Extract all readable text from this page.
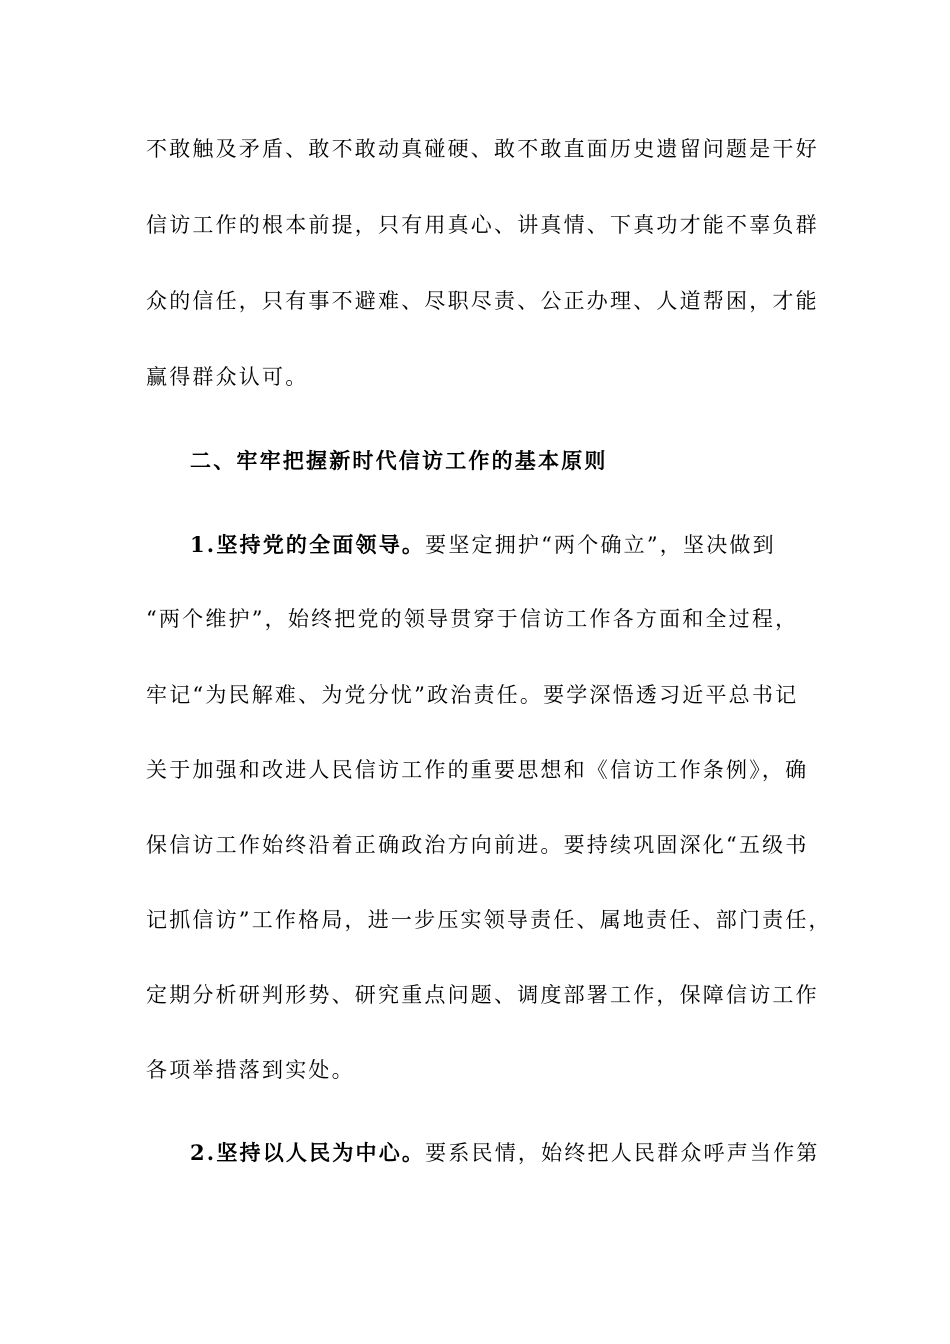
不敢触及矛盾、敢不敢动真碰硬、敢不敢直面历史遗留问题是干好
信访工作的根本前提，只有用真心、讲真情、下真功才能不辜负群
众的信任，只有事不避难、尽职尽责、公正办理、人道帮困，才能
赢得群众认可。
二、牢牢把握新时代信访工作的基本原则
1.坚持党的全面领导。要坚定拥护“两个确立”，坚决做到
“两个维护”，始终把党的领导贯穿于信访工作各方面和全过程，
牢记“为民解难、为党分忧”政治责任。要学深悟透习近平总书记
关于加强和改进人民信访工作的重要思想和《信访工作条例》，确
保信访工作始终沿着正确政治方向前进。要持续巩固深化“五级书
记抓信访”工作格局，进一步压实领导责任、属地责任、部门责任，
定期分析研判形势、研究重点问题、调度部署工作，保障信访工作
各项举措落到实处。
2.坚持以人民为中心。要系民情，始终把人民群众呼声当作第
